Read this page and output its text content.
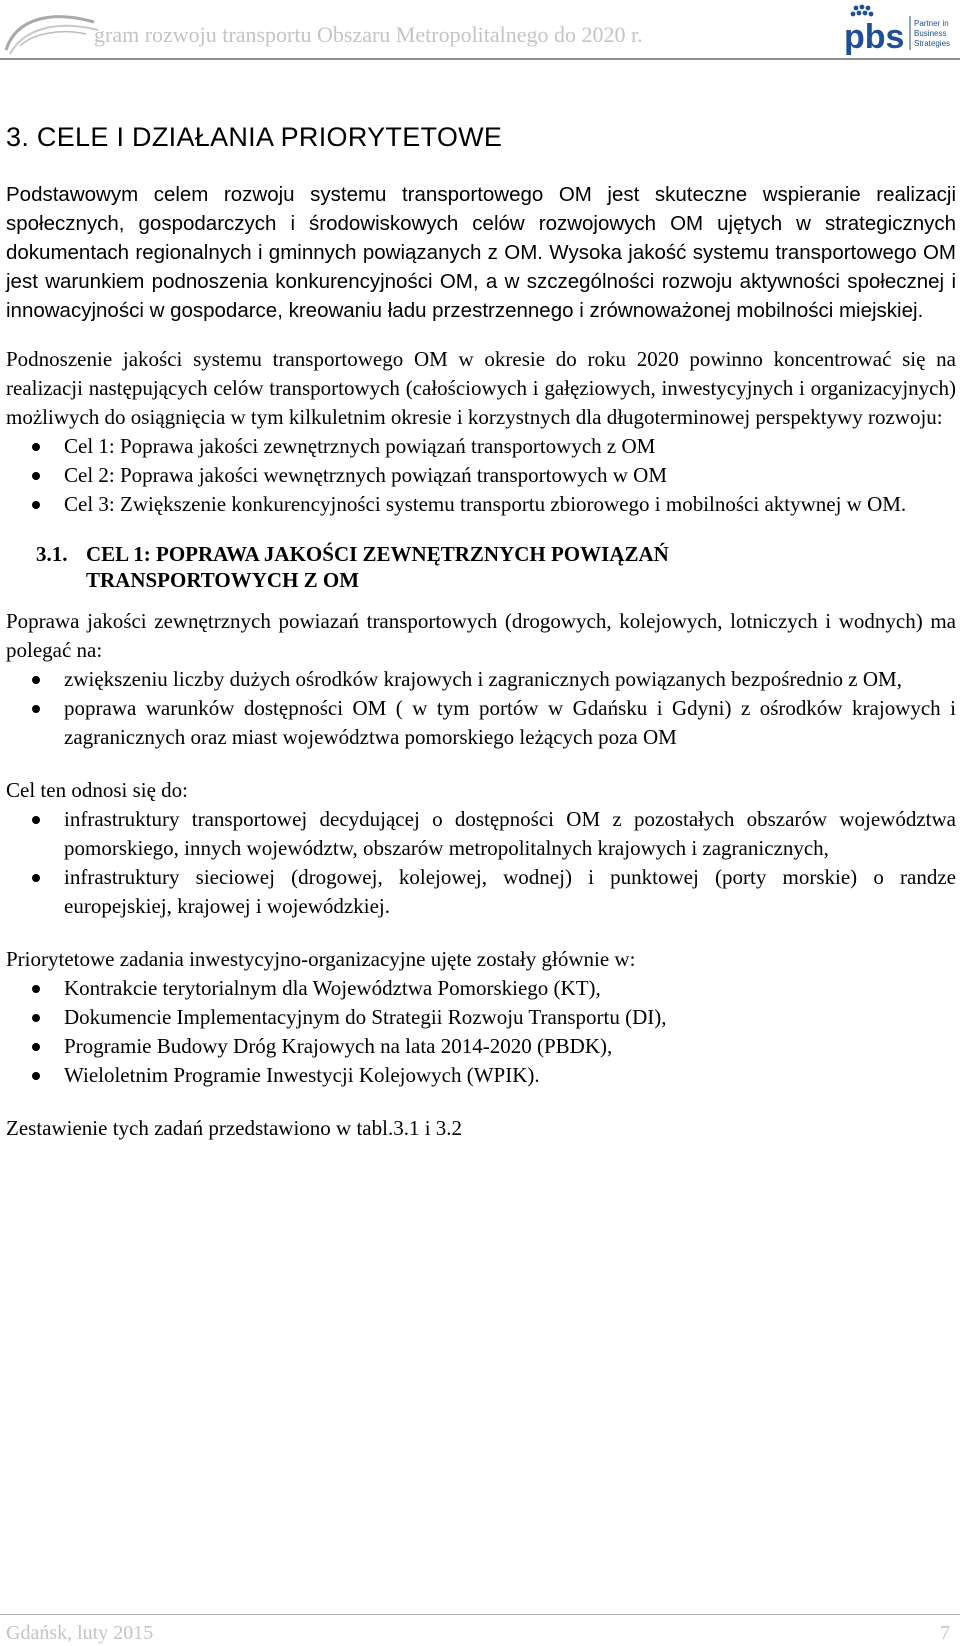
gram rozwoju transportu Obszaru Metropolitalnego do 2020 r.	pbs Partner in
Business
Strategies
3. CELE I DZIAŁANIA PRIORYTETOWE

Podstawowym celem rozwoju systemu transportowego OM jest skuteczne wspieranie realizacji społecznych, gospodarczych i środowiskowych celów rozwojowych OM ujętych w strategicznych dokumentach regionalnych i gminnych powiązanych z OM. Wysoka jakość systemu transportowego OM jest warunkiem podnoszenia konkurencyjności OM, a w szczególności rozwoju aktywności społecznej i innowacyjności w gospodarce, kreowaniu ładu przestrzennego i zrównoważonej mobilności miejskiej.

Podnoszenie jakości systemu transportowego OM w okresie do roku 2020 powinno koncentrować się na realizacji następujących celów transportowych (całościowych i gałęziowych, inwestycyjnych i organizacyjnych) możliwych do osiągnięcia w tym kilkuletnim okresie i korzystnych dla długoterminowej perspektywy rozwoju:

Cel 1: Poprawa jakości zewnętrznych powiązań transportowych z OM
Cel 2: Poprawa jakości wewnętrznych powiązań transportowych w OM
Cel 3: Zwiększenie konkurencyjności systemu transportu zbiorowego i mobilności aktywnej w OM.
3.1. CEL 1: POPRAWA JAKOŚCI ZEWNĘTRZNYCH POWIĄZAŃ TRANSPORTOWYCH Z OM

Poprawa jakości zewnętrznych powiazań transportowych (drogowych, kolejowych, lotniczych i wodnych) ma polegać na:

zwiększeniu liczby dużych ośrodków krajowych i zagranicznych powiązanych bezpośrednio z OM,
poprawa warunków dostępności OM ( w tym portów w Gdańsku i Gdyni) z ośrodków krajowych i zagranicznych oraz miast województwa pomorskiego leżących poza OM

Cel ten odnosi się do:

infrastruktury transportowej decydującej o dostępności OM z pozostałych obszarów województwa pomorskiego, innych województw, obszarów metropolitalnych krajowych i zagranicznych,
infrastruktury sieciowej (drogowej, kolejowej, wodnej) i punktowej (porty morskie) o randze europejskiej, krajowej i wojewódzkiej.

Priorytetowe zadania inwestycyjno-organizacyjne ujęte zostały głównie w:

Kontrakcie terytorialnym dla Województwa Pomorskiego (KT),
Dokumencie Implementacyjnym do Strategii Rozwoju Transportu (DI),
Programie Budowy Dróg Krajowych na lata 2014-2020 (PBDK),
Wieloletnim Programie Inwestycji Kolejowych (WPIK).

Zestawienie tych zadań przedstawiono w tabl.3.1 i 3.2

Gdańsk, luty 2015	7
